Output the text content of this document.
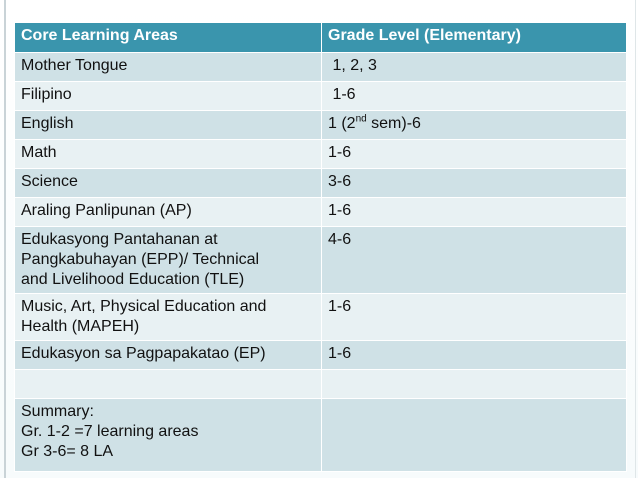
Core Learning Areas	Grade Level (Elementary)
Mother Tongue	1, 2, 3
Filipino	1-6
English	1 (2nd sem)-6
Math	1-6
Science	3-6
Araling Panlipunan (AP)	1-6

Edukasyong Pantahanan at
Pangkabuhayan (EPP)/ Technical
and Livelihood Education (TLE)	4-6

Music, Art, Physical Education and
Health (MAPEH)	1-6
Edukasyon sa Pagpapakatao (EP)	1-6

Summary:
Gr. 1-2 =7 learning areas
Gr 3-6= 8 LA	
